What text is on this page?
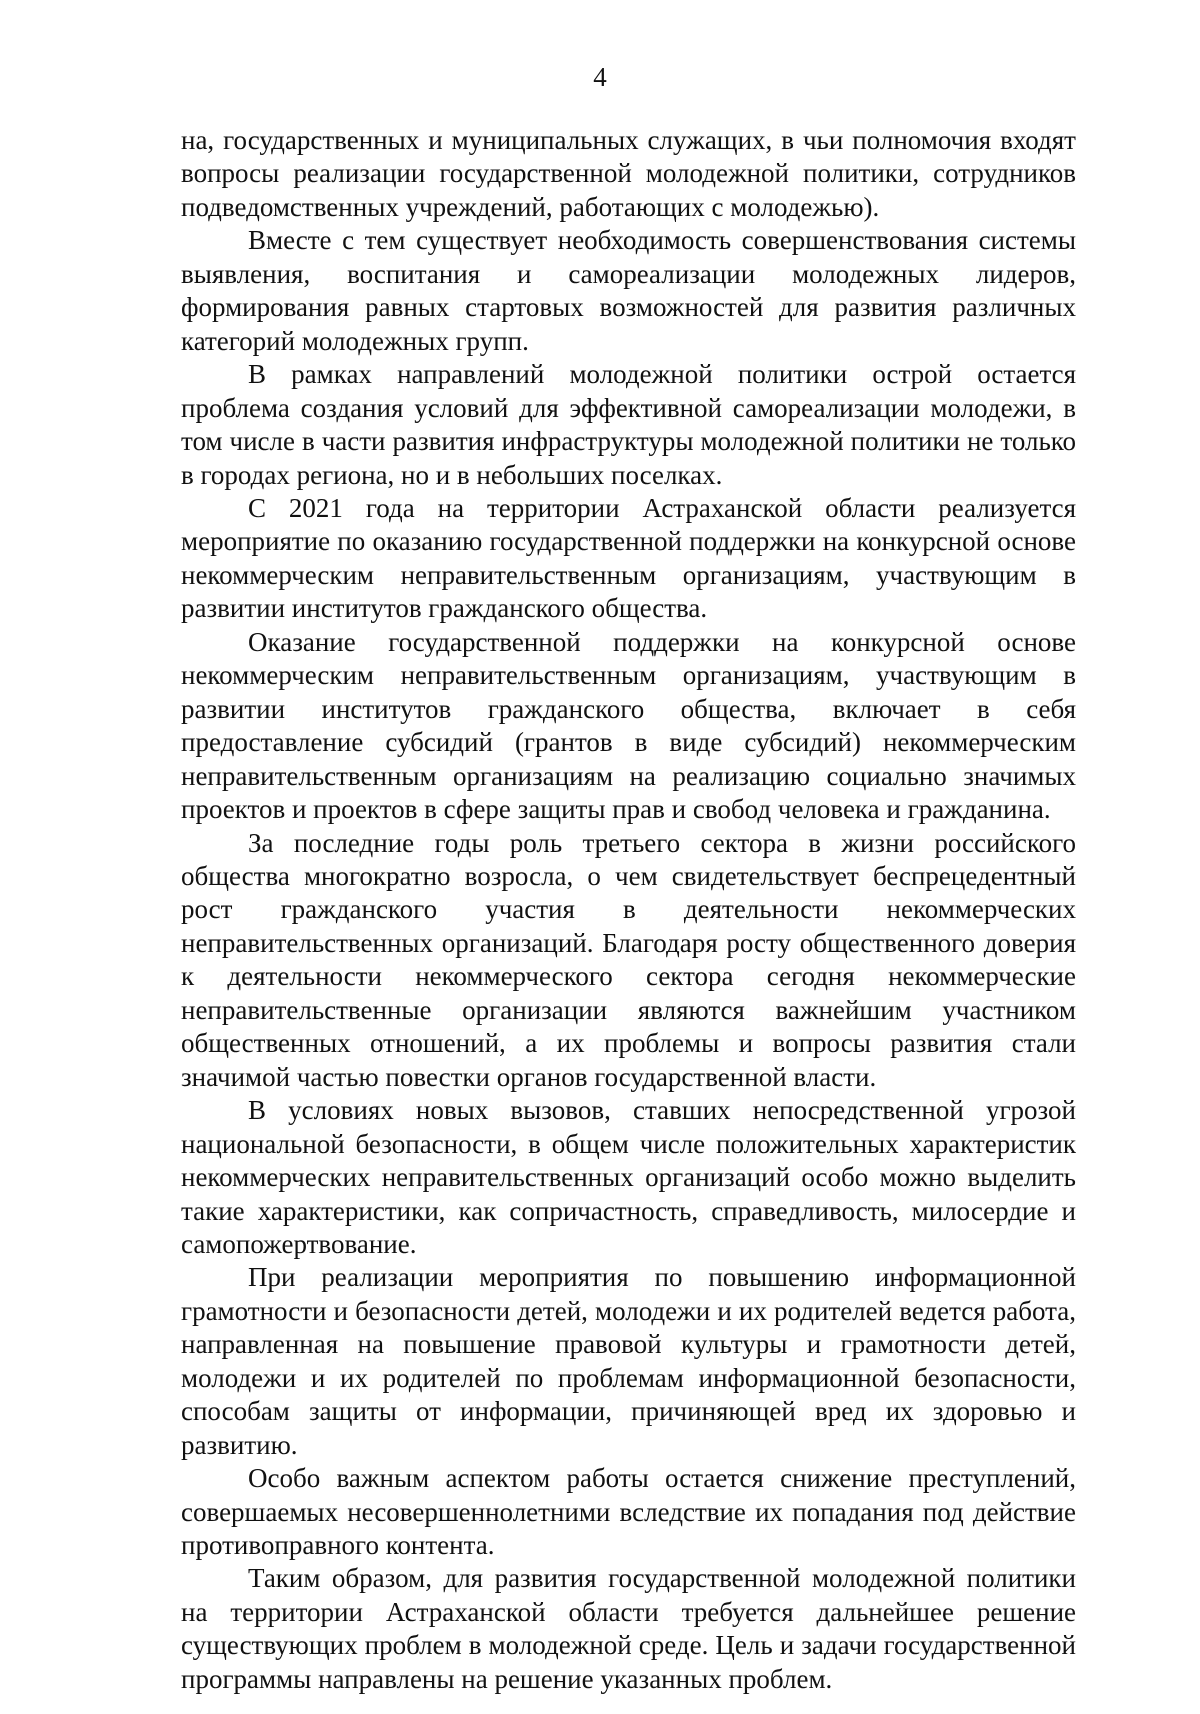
4

на, государственных и муниципальных служащих, в чьи полномочия входят вопросы реализации государственной молодежной политики, сотрудников подведомственных учреждений, работающих с молодежью).

Вместе с тем существует необходимость совершенствования системы выявления, воспитания и самореализации молодежных лидеров, формирования равных стартовых возможностей для развития различных категорий молодежных групп.

В рамках направлений молодежной политики острой остается проблема создания условий для эффективной самореализации молодежи, в том числе в части развития инфраструктуры молодежной политики не только в городах региона, но и в небольших поселках.

С 2021 года на территории Астраханской области реализуется мероприятие по оказанию государственной поддержки на конкурсной основе некоммерческим неправительственным организациям, участвующим в развитии институтов гражданского общества.

Оказание государственной поддержки на конкурсной основе некоммерческим неправительственным организациям, участвующим в развитии институтов гражданского общества, включает в себя предоставление субсидий (грантов в виде субсидий) некоммерческим неправительственным организациям на реализацию социально значимых проектов и проектов в сфере защиты прав и свобод человека и гражданина.

За последние годы роль третьего сектора в жизни российского общества многократно возросла, о чем свидетельствует беспрецедентный рост гражданского участия в деятельности некоммерческих неправительственных организаций. Благодаря росту общественного доверия к деятельности некоммерческого сектора сегодня некоммерческие неправительственные организации являются важнейшим участником общественных отношений, а их проблемы и вопросы развития стали значимой частью повестки органов государственной власти.

В условиях новых вызовов, ставших непосредственной угрозой национальной безопасности, в общем числе положительных характеристик некоммерческих неправительственных организаций особо можно выделить такие характеристики, как сопричастность, справедливость, милосердие и самопожертвование.

При реализации мероприятия по повышению информационной грамотности и безопасности детей, молодежи и их родителей ведется работа, направленная на повышение правовой культуры и грамотности детей, молодежи и их родителей по проблемам информационной безопасности, способам защиты от информации, причиняющей вред их здоровью и развитию.

Особо важным аспектом работы остается снижение преступлений, совершаемых несовершеннолетними вследствие их попадания под действие противоправного контента.

Таким образом, для развития государственной молодежной политики на территории Астраханской области требуется дальнейшее решение существующих проблем в молодежной среде. Цель и задачи государственной программы направлены на решение указанных проблем.
